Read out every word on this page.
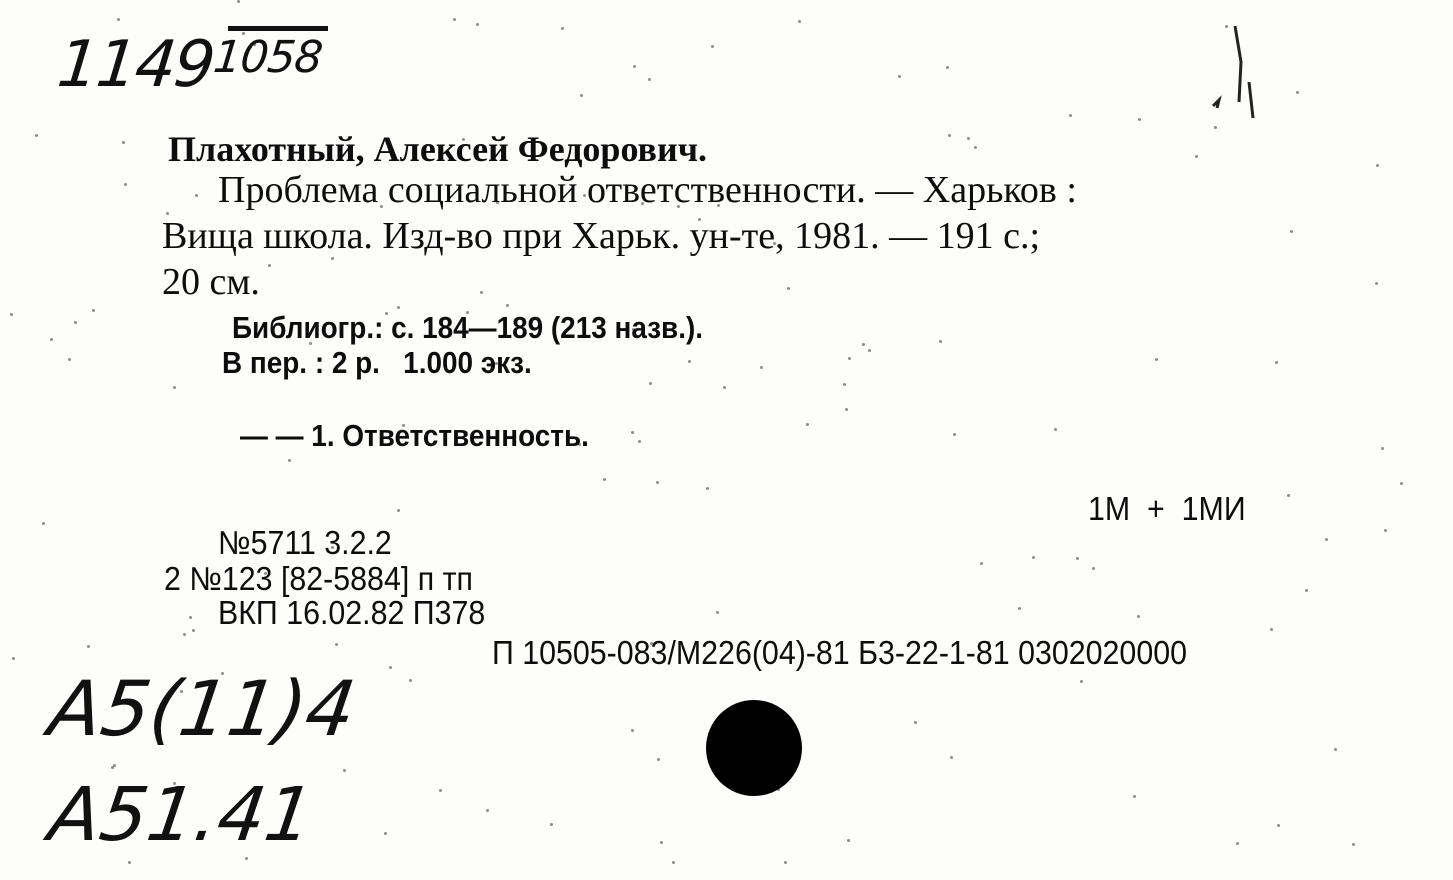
$1149^{1058}$
Плахотный, Алексей Федорович.
Проблема социальной ответственности. — Харьков :
Вища школа. Изд-во при Харьк. ун-те, 1981. — 191 с.;
20 см.
Библиогр.: с. 184—189 (213 назв.).
В пер. : 2 р.   1.000 экз.
— — 1. Ответственность.
1М  +  1МИ
№5711 3.2.2
2 №123 [82-5884] п тп
ВКП 16.02.82 П378
П 10505-083/М226(04)-81 Б3-22-1-81 0302020000
А5(11)4
А51.41
